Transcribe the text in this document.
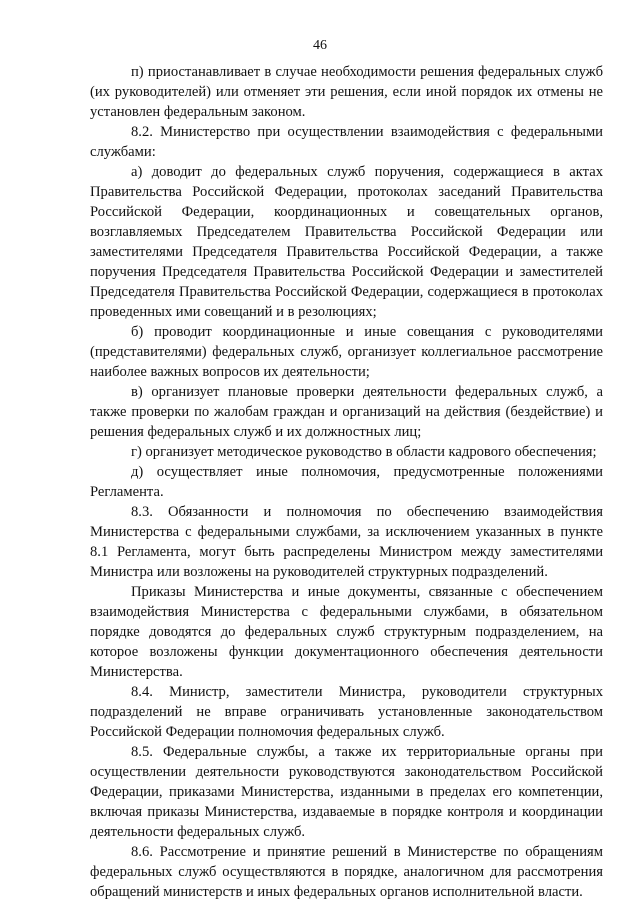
46

п) приостанавливает в случае необходимости решения федеральных служб (их руководителей) или отменяет эти решения, если иной порядок их отмены не установлен федеральным законом.

8.2. Министерство при осуществлении взаимодействия с федеральными службами:

а) доводит до федеральных служб поручения, содержащиеся в актах Правительства Российской Федерации, протоколах заседаний Правительства Российской Федерации, координационных и совещательных органов, возглавляемых Председателем Правительства Российской Федерации или заместителями Председателя Правительства Российской Федерации, а также поручения Председателя Правительства Российской Федерации и заместителей Председателя Правительства Российской Федерации, содержащиеся в протоколах проведенных ими совещаний и в резолюциях;

б) проводит координационные и иные совещания с руководителями (представителями) федеральных служб, организует коллегиальное рассмотрение наиболее важных вопросов их деятельности;

в) организует плановые проверки деятельности федеральных служб, а также проверки по жалобам граждан и организаций на действия (бездействие) и решения федеральных служб и их должностных лиц;

г) организует методическое руководство в области кадрового обеспечения;

д) осуществляет иные полномочия, предусмотренные положениями Регламента.

8.3. Обязанности и полномочия по обеспечению взаимодействия Министерства с федеральными службами, за исключением указанных в пункте 8.1 Регламента, могут быть распределены Министром между заместителями Министра или возложены на руководителей структурных подразделений.

Приказы Министерства и иные документы, связанные с обеспечением взаимодействия Министерства с федеральными службами, в обязательном порядке доводятся до федеральных служб структурным подразделением, на которое возложены функции документационного обеспечения деятельности Министерства.

8.4. Министр, заместители Министра, руководители структурных подразделений не вправе ограничивать установленные законодательством Российской Федерации полномочия федеральных служб.

8.5. Федеральные службы, а также их территориальные органы при осуществлении деятельности руководствуются законодательством Российской Федерации, приказами Министерства, изданными в пределах его компетенции, включая приказы Министерства, издаваемые в порядке контроля и координации деятельности федеральных служб.

8.6. Рассмотрение и принятие решений в Министерстве по обращениям федеральных служб осуществляются в порядке, аналогичном для рассмотрения обращений министерств и иных федеральных органов исполнительной власти.
